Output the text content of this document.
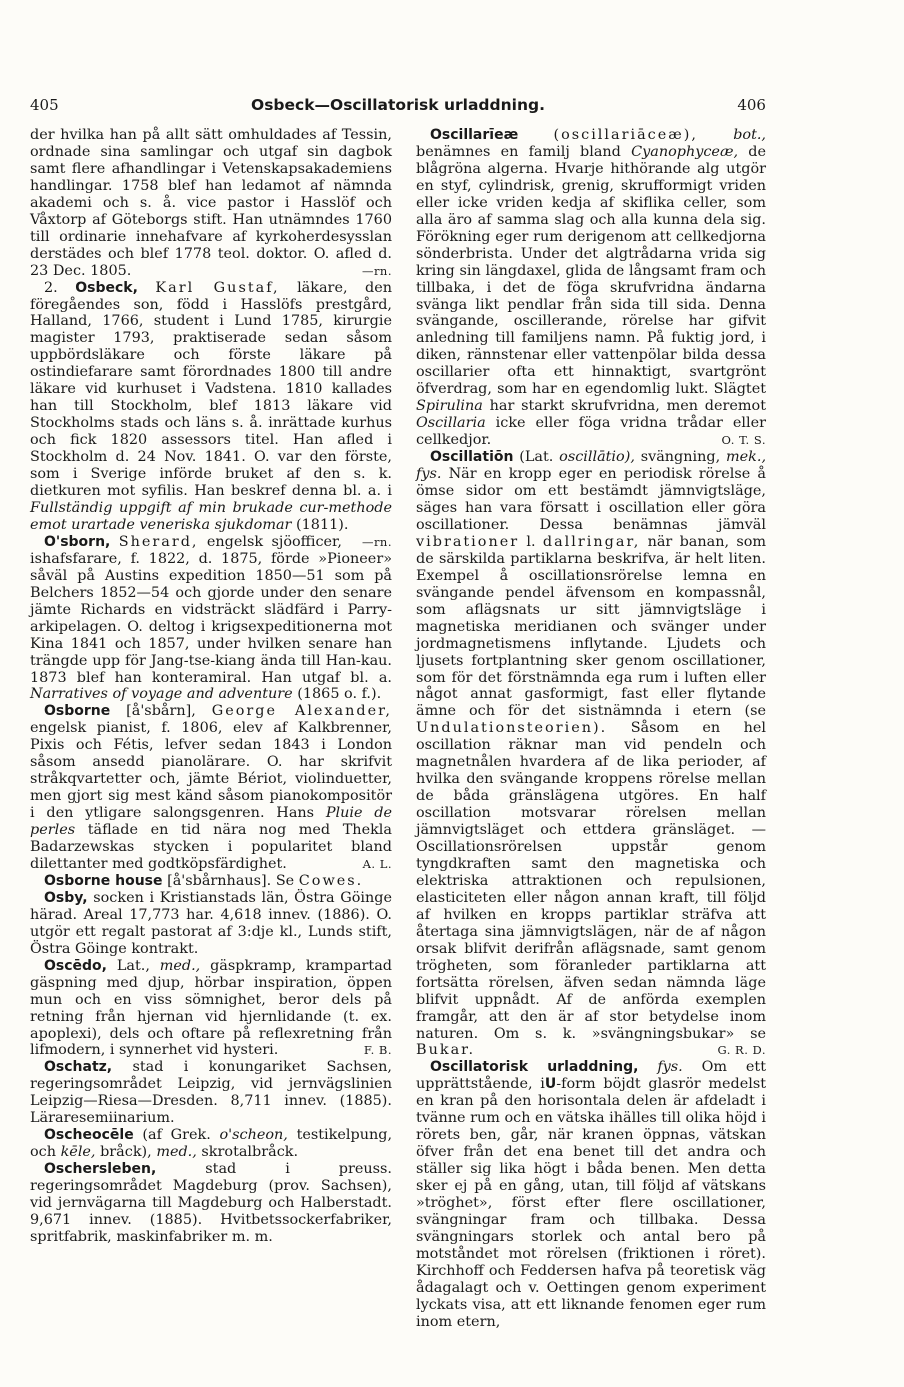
405	Osbeck—Oscillatorisk urladdning.	406

der hvilka han på allt sätt omhuldades af Tessin, ordnade sina samlingar och utgaf sin dagbok samt flere afhandlingar i Vetenskapsakademiens handlingar. 1758 blef han ledamot af nämnda akademi och s. å. vice pastor i Hasslöf och Våxtorp af Göteborgs stift. Han utnämndes 1760 till ordinarie innehafvare af kyrkoherdesysslan derstädes och blef 1778 teol. doktor. O. afled d. 23 Dec. 1805.	—rn.

2. Osbeck, Karl Gustaf, läkare, den föregåendes son, född i Hasslöfs prestgård, Halland, 1766, student i Lund 1785, kirurgie magister 1793, praktiserade sedan såsom uppbördsläkare och förste läkare på ostindiefarare samt förordnades 1800 till andre läkare vid kurhuset i Vadstena. 1810 kallades han till Stockholm, blef 1813 läkare vid Stockholms stads och läns s. å. inrättade kurhus och fick 1820 assessors titel. Han afled i Stockholm d. 24 Nov. 1841. O. var den förste, som i Sverige införde bruket af den s. k. dietkuren mot syfilis. Han beskref denna bl. a. i Fullständig uppgift af min brukade cur-methode emot urartade veneriska sjukdomar (1811).
—rn.

O'sborn, Sherard, engelsk sjöofficer, ishafsfarare, f. 1822, d. 1875, förde »Pioneer» såväl på Austins expedition 1850—51 som på Belchers 1852—54 och gjorde under den senare jämte Richards en vidsträckt slädfärd i Parry-arkipelagen. O. deltog i krigsexpeditionerna mot Kina 1841 och 1857, under hvilken senare han trängde upp för Jang-tse-kiang ända till Han-kau. 1873 blef han konteramiral. Han utgaf bl. a. Narratives of voyage and adventure (1865 o. f.).

Osborne [å'sbårn], George Alexander, engelsk pianist, f. 1806, elev af Kalkbrenner, Pixis och Fétis, lefver sedan 1843 i London såsom ansedd pianolärare. O. har skrifvit stråkqvartetter och, jämte Bériot, violinduetter, men gjort sig mest känd såsom pianokompositör i den ytligare salongsgenren. Hans Pluie de perles täflade en tid nära nog med Thekla Badarzewskas stycken i popularitet bland dilettanter med godtköpsfärdighet.	A. L.

Osborne house [å'sbårnhaus]. Se Cowes.

Osby, socken i Kristianstads län, Östra Göinge härad. Areal 17,773 har. 4,618 innev. (1886). O. utgör ett regalt pastorat af 3:dje kl., Lunds stift, Östra Göinge kontrakt.

Oscēdo, Lat., med., gäspkramp, krampartad gäspning med djup, hörbar inspiration, öppen mun och en viss sömnighet, beror dels på retning från hjernan vid hjernlidande (t. ex. apoplexi), dels och oftare på reflexretning från lifmodern, i synnerhet vid hysteri.	F. B.

Oschatz, stad i konungariket Sachsen, regeringsområdet Leipzig, vid jernvägslinien Leipzig—Riesa—Dresden. 8,711 innev. (1885). Läraresemiinarium.

Oscheocēle (af Grek. o'scheon, testikelpung, och kēle, bråck), med., skrotalbråck.

Oschersleben,	stad i preuss. regeringsområdet Magdeburg (prov. Sachsen), vid jernvägarna till Magdeburg och Halberstadt. 9,671 innev. (1885). Hvitbetssockerfabriker, spritfabrik, maskinfabriker m. m.

Oscillarīeæ (oscillariāceæ), bot., benämnes en familj bland Cyanophyceæ, de blågröna algerna. Hvarje hithörande alg utgör en styf, cylindrisk, grenig, skrufformigt vriden eller icke vriden kedja af skiflika celler, som alla äro af samma slag och alla kunna dela sig. Förökning eger rum derigenom att cellkedjorna sönderbrista. Under det algtrådarna vrida sig kring sin längdaxel, glida de långsamt fram och tillbaka, i det de föga skrufvridna ändarna svänga likt pendlar från sida till sida. Denna svängande, oscillerande, rörelse har gifvit anledning till familjens namn. På fuktig jord, i diken, rännstenar eller vattenpölar bilda dessa oscillarier ofta ett hinnaktigt, svartgrönt öfverdrag, som har en egendomlig lukt. Slägtet Spirulina har starkt skrufvridna, men deremot Oscillaria icke eller föga vridna trådar eller cellkedjor.	O. T. S.

Oscillatiōn (Lat. oscillātio), svängning, mek., fys. När en kropp eger en periodisk rörelse å ömse sidor om ett bestämdt jämnvigtsläge, säges han vara försatt i oscillation eller göra oscillationer. Dessa benämnas jämväl vibrationer l. dallringar, när banan, som de särskilda partiklarna beskrifva, är helt liten. Exempel å oscillationsrörelse lemna en svängande pendel äfvensom en kompassnål, som aflägsnats ur sitt jämnvigtsläge i magnetiska meridianen och svänger under jordmagnetismens inflytande. Ljudets och ljusets fortplantning sker genom oscillationer, som för det förstnämnda ega rum i luften eller något annat gasformigt, fast eller flytande ämne och för det sistnämnda i etern (se Undulationsteorien). Såsom en hel oscillation räknar man vid pendeln och magnetnålen hvardera af de lika perioder, af hvilka den svängande kroppens rörelse mellan de båda gränslägena utgöres. En half oscillation motsvarar rörelsen mellan jämnvigtsläget och ettdera gränsläget. — Oscillationsrörelsen uppstår genom tyngdkraften samt den magnetiska och elektriska attraktionen och repulsionen, elasticiteten eller någon annan kraft, till följd af hvilken en kropps partiklar sträfva att återtaga sina jämnvigtslägen, när de af någon orsak blifvit derifrån aflägsnade, samt genom trögheten, som föranleder partiklarna att fortsätta rörelsen, äfven sedan nämnda läge blifvit uppnådt. Af de anförda exemplen framgår, att den är af stor betydelse inom naturen. Om s. k. »svängningsbukar» se Bukar.	G. R. D.

Oscillatorisk urladdning, fys. Om ett upprättstående, iU-form böjdt glasrör medelst en kran på den horisontala delen är afdeladt i tvänne rum och en vätska ihälles till olika höjd i rörets ben, går, när kranen öppnas, vätskan öfver från det ena benet till det andra och ställer sig lika högt i båda benen. Men detta sker ej på en gång, utan, till följd af vätskans »tröghet», först efter flere oscillationer, svängningar fram och tillbaka. Dessa svängningars storlek och antal bero på motståndet mot rörelsen (friktionen i röret). Kirchhoff och Feddersen hafva på teoretisk väg ådagalagt och v. Oettingen genom experiment lyckats visa, att ett liknande fenomen eger rum inom etern,
